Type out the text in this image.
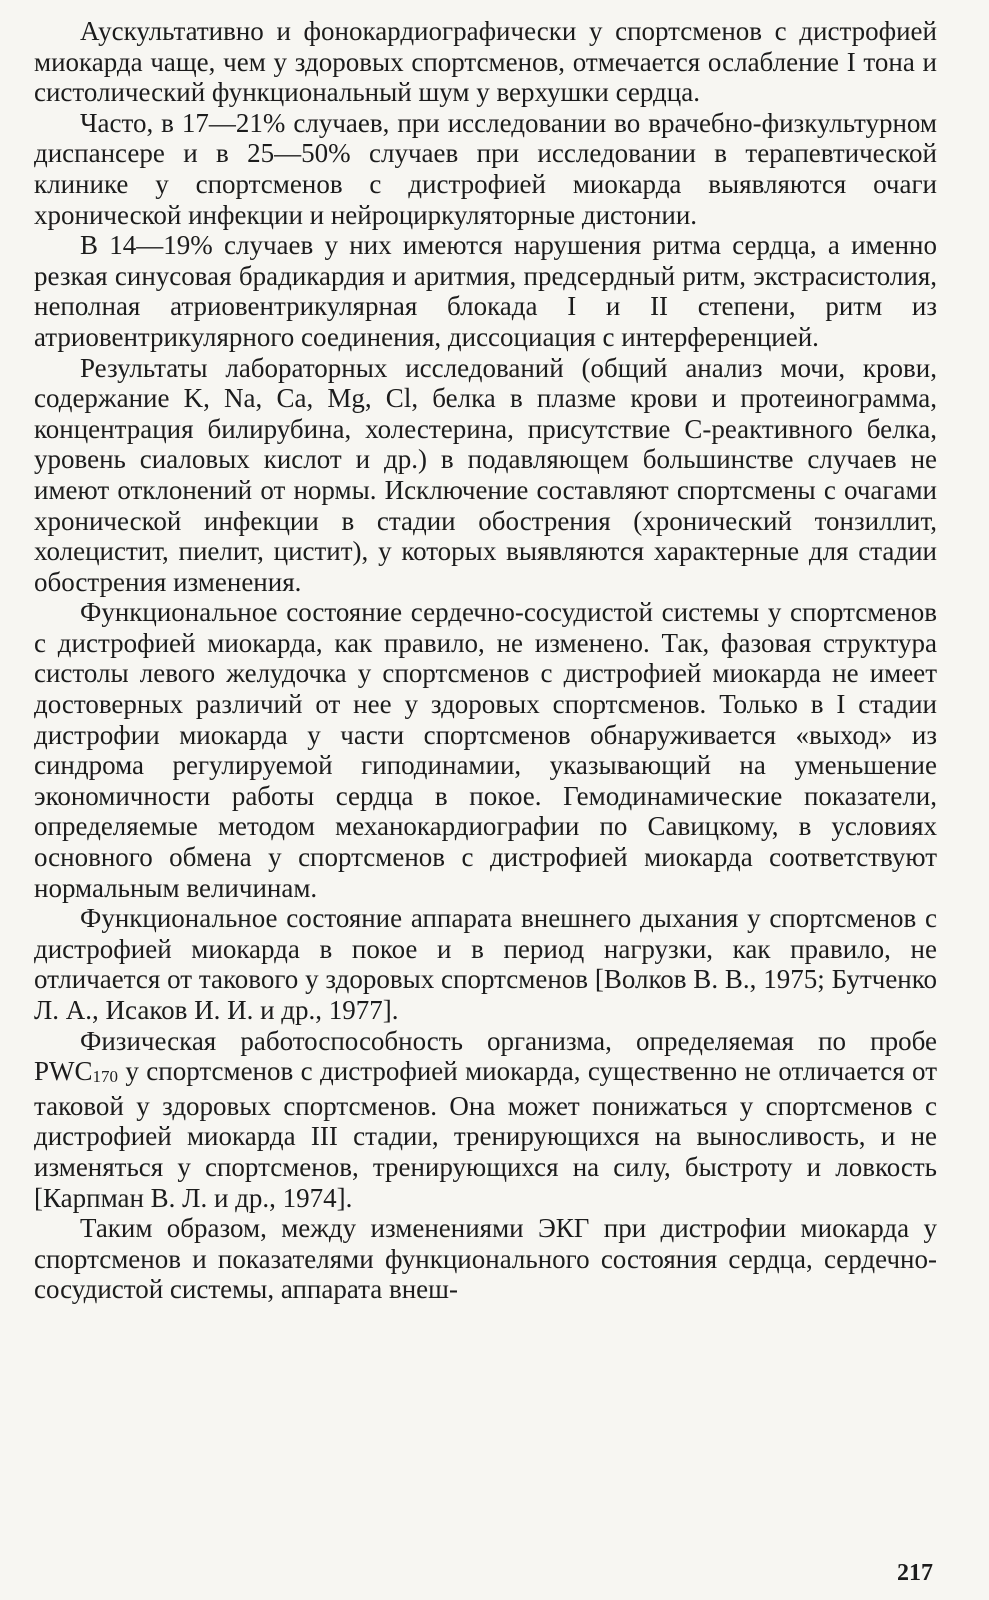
Аускультативно и фонокардиографически у спортсменов с дистрофией миокарда чаще, чем у здоровых спортсменов, отмечается ослабление I тона и систолический функциональный шум у верхушки сердца.

Часто, в 17—21% случаев, при исследовании во врачебно-физкультурном диспансере и в 25—50% случаев при исследовании в терапевтической клинике у спортсменов с дистрофией миокарда выявляются очаги хронической инфекции и нейроциркуляторные дистонии.

В 14—19% случаев у них имеются нарушения ритма сердца, а именно резкая синусовая брадикардия и аритмия, предсердный ритм, экстрасистолия, неполная атриовентрикулярная блокада I и II степени, ритм из атриовентрикулярного соединения, диссоциация с интерференцией.

Результаты лабораторных исследований (общий анализ мочи, крови, содержание K, Na, Ca, Mg, Cl, белка в плазме крови и протеинограмма, концентрация билирубина, холестерина, присутствие С-реактивного белка, уровень сиаловых кислот и др.) в подавляющем большинстве случаев не имеют отклонений от нормы. Исключение составляют спортсмены с очагами хронической инфекции в стадии обострения (хронический тонзиллит, холецистит, пиелит, цистит), у которых выявляются характерные для стадии обострения изменения.

Функциональное состояние сердечно-сосудистой системы у спортсменов с дистрофией миокарда, как правило, не изменено. Так, фазовая структура систолы левого желудочка у спортсменов с дистрофией миокарда не имеет достоверных различий от нее у здоровых спортсменов. Только в I стадии дистрофии миокарда у части спортсменов обнаруживается «выход» из синдрома регулируемой гиподинамии, указывающий на уменьшение экономичности работы сердца в покое. Гемодинамические показатели, определяемые методом механокардиографии по Савицкому, в условиях основного обмена у спортсменов с дистрофией миокарда соответствуют нормальным величинам.

Функциональное состояние аппарата внешнего дыхания у спортсменов с дистрофией миокарда в покое и в период нагрузки, как правило, не отличается от такового у здоровых спортсменов [Волков В. В., 1975; Бутченко Л. А., Исаков И. И. и др., 1977].

Физическая работоспособность организма, определяемая по пробе $PWC_{170}$ у спортсменов с дистрофией миокарда, существенно не отличается от таковой у здоровых спортсменов. Она может понижаться у спортсменов с дистрофией миокарда III стадии, тренирующихся на выносливость, и не изменяться у спортсменов, тренирующихся на силу, быстроту и ловкость [Карпман В. Л. и др., 1974].

Таким образом, между изменениями ЭКГ при дистрофии миокарда у спортсменов и показателями функционального состояния сердца, сердечно-сосудистой системы, аппарата внеш-

217
